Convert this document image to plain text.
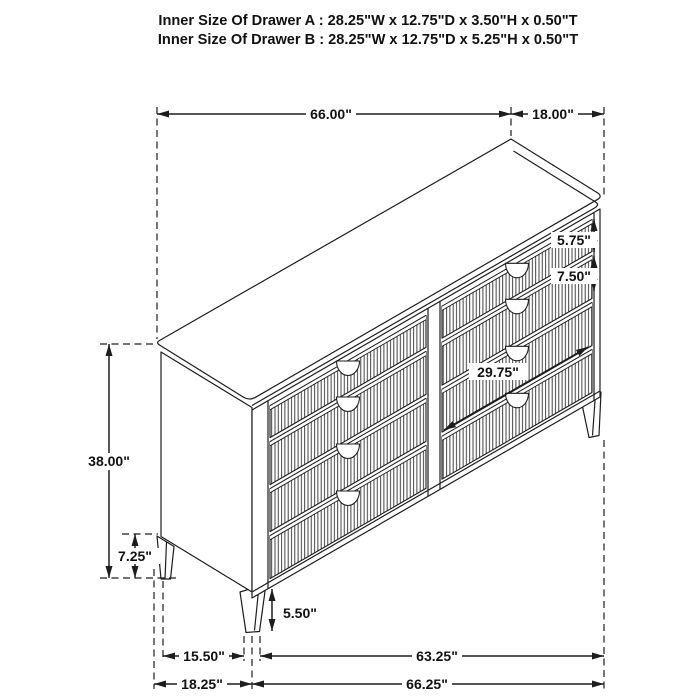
Inner Size Of Drawer A : 28.25"W x 12.75"D x 3.50"H x 0.50"T
Inner Size Of Drawer B : 28.25"W x 12.75"D x 5.25"H x 0.50"T
66.00"	18.00"
38.00"
7.25"
5.50"
5.75"
7.50"
29.75"
15.50"	63.25"
18.25"	66.25"
